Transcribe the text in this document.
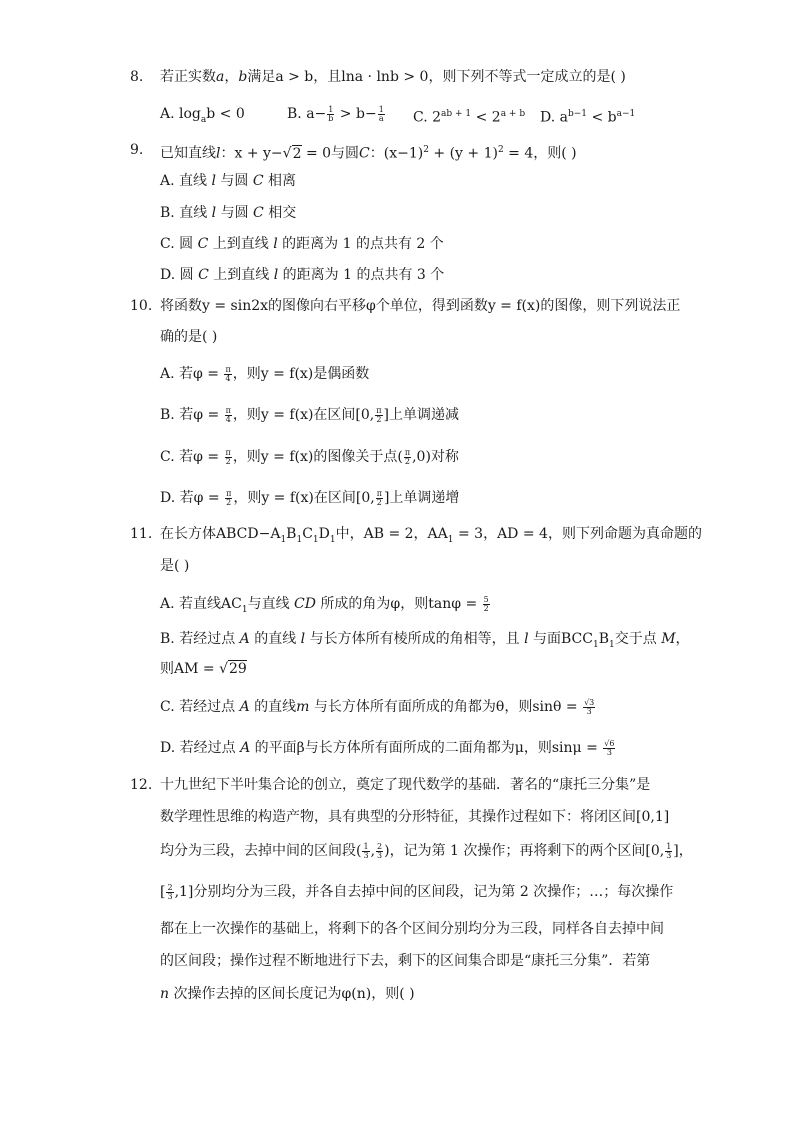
8. 若正实数a，b满足a > b，且lna · lnb > 0，则下列不等式一定成立的是( )
A. $\log_ab < 0$	B. $a- \frac{1}{b} > b- \frac{1}{a} C$. $2^{ab + 1} < 2^{a + b}$ D. $a^{b-1} < b^{a-1}$
9. 已知直线l：x + y−√2 = 0与圆C：$(x-1)^2 + (y + 1)^2 = 4$，则( )
A. 直线 l 与圆 C 相离
B. 直线 l 与圆 C 相交
C. 圆 C 上到直线 l 的距离为 1 的点共有 2 个
D. 圆 C 上到直线 l 的距离为 1 的点共有 3 个
10. 将函数y = sin2x的图像向右平移φ个单位，得到函数y = f(x)的图像，则下列说法正
确的是( )
A. 若$\varphi = \frac{\pi}{4}$ ，则y = f(x)是偶函数
B. 若$\varphi = \frac{\pi}{4}$ ，则y = f(x)在区间[0, $\frac{\pi}{2}$ ]上单调递减
C. 若$\varphi = \frac{\pi}{2}$ ，则y = f(x)的图像关于点( $\frac{\pi}{2} ,0$)对称
D. 若$\varphi = \frac{\pi}{2}$ ，则y = f(x)在区间[0, $\frac{\pi}{2}$ ]上单调递增
11. 在长方体$ABCD-A_1B_1C_1D_1$中，AB = 2，$AA_1 = 3$，AD = 4，则下列命题为真命题的
是( )
A. 若直线$AC_1$与直线 CD 所成的角为φ，则$\tan\varphi = \frac{5}{2}$
B. 若经过点 A 的直线 l 与长方体所有棱所成的角相等，且 l 与面$BCC_1B_1$交于点 M，
则AM = √29
C. 若经过点 A 的直线m 与长方体所有面所成的角都为θ，则$\sin\theta = \frac{√3}{3}$
D. 若经过点 A 的平面β与长方体所有面所成的二面角都为μ，则$\sin\mu = \frac{√6}{3}$
12. 十九世纪下半叶集合论的创立，奠定了现代数学的基础．著名的“康托三分集”是
数学理性思维的构造产物，具有典型的分形特征，其操作过程如下：将闭区间[0,1]
均分为三段，去掉中间的区间段( $\frac{1}{3}$ , $\frac{2}{3}$ )，记为第 1 次操作；再将剩下的两个区间[0, $\frac{1}{3}$ ]，
[ $\frac{2}{3} ,1$]分别均分为三段，并各自去掉中间的区间段，记为第 2 次操作；…；每次操作
都在上一次操作的基础上，将剩下的各个区间分别均分为三段，同样各自去掉中间
的区间段；操作过程不断地进行下去，剩下的区间集合即是“康托三分集”．若第
n 次操作去掉的区间长度记为φ(n)，则( )
